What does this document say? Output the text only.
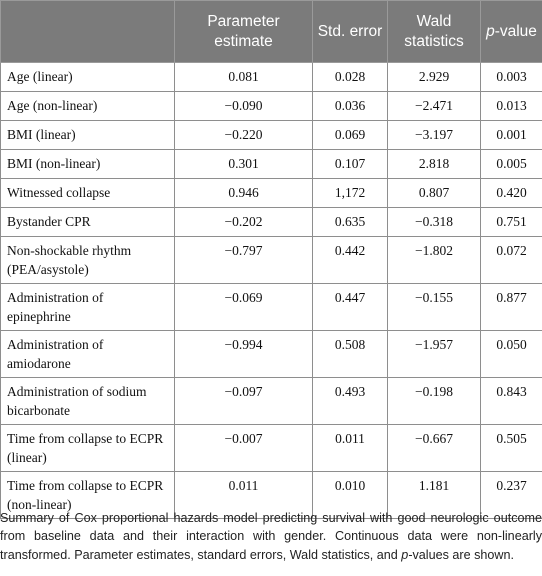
	Parameter estimate	Std. error	Wald statistics	p-value
Age (linear)	0.081	0.028	2.929	0.003
Age (non-linear)	−0.090	0.036	−2.471	0.013
BMI (linear)	−0.220	0.069	−3.197	0.001
BMI (non-linear)	0.301	0.107	2.818	0.005
Witnessed collapse	0.946	1,172	0.807	0.420
Bystander CPR	−0.202	0.635	−0.318	0.751
Non-shockable rhythm (PEA/asystole)	−0.797	0.442	−1.802	0.072
Administration of epinephrine	−0.069	0.447	−0.155	0.877
Administration of amiodarone	−0.994	0.508	−1.957	0.050
Administration of sodium bicarbonate	−0.097	0.493	−0.198	0.843
Time from collapse to ECPR (linear)	−0.007	0.011	−0.667	0.505
Time from collapse to ECPR (non-linear)	0.011	0.010	1.181	0.237

Summary of Cox proportional hazards model predicting survival with good neurologic outcome from baseline data and their interaction with gender. Continuous data were non-linearly transformed. Parameter estimates, standard errors, Wald statistics, and p-values are shown.
